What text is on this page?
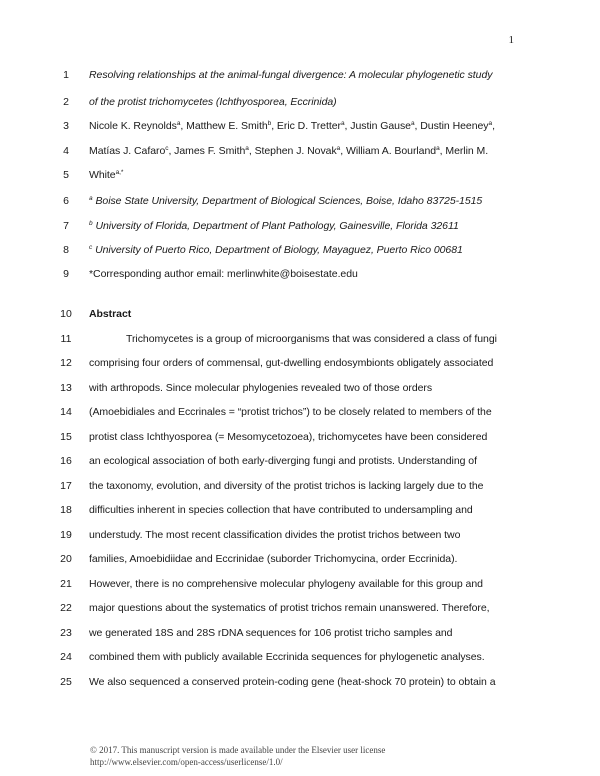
1
1
2
3
4
5
6
7
8
9
10
11
12
13
14
15
16
17
18
19
20
21
22
23
24
25
Resolving relationships at the animal-fungal divergence: A molecular phylogenetic study
of the protist trichomycetes (Ichthyosporea, Eccrinida)
Nicole K. Reynolds$^a$, Matthew E. Smith$^b$, Eric D. Tretter$^a$, Justin Gause$^a$, Dustin Heeney$^a$,
Matías J. Cafaro$^c$, James F. Smith$^a$, Stephen J. Novak$^a$, William A. Bourland$^a$, Merlin M.
White$^{a,*}$
$^a$ Boise State University, Department of Biological Sciences, Boise, Idaho 83725-1515
$^b$ University of Florida, Department of Plant Pathology, Gainesville, Florida 32611
$^c$ University of Puerto Rico, Department of Biology, Mayaguez, Puerto Rico 00681
*Corresponding author email: merlinwhite@boisestate.edu
Abstract
Trichomycetes is a group of microorganisms that was considered a class of fungi
comprising four orders of commensal, gut-dwelling endosymbionts obligately associated
with arthropods. Since molecular phylogenies revealed two of those orders
(Amoebidiales and Eccrinales = “protist trichos”) to be closely related to members of the
protist class Ichthyosporea (= Mesomycetozoea), trichomycetes have been considered
an ecological association of both early-diverging fungi and protists. Understanding of
the taxonomy, evolution, and diversity of the protist trichos is lacking largely due to the
difficulties inherent in species collection that have contributed to undersampling and
understudy. The most recent classification divides the protist trichos between two
families, Amoebidiidae and Eccrinidae (suborder Trichomycina, order Eccrinida).
However, there is no comprehensive molecular phylogeny available for this group and
major questions about the systematics of protist trichos remain unanswered. Therefore,
we generated 18S and 28S rDNA sequences for 106 protist tricho samples and
combined them with publicly available Eccrinida sequences for phylogenetic analyses.
We also sequenced a conserved protein-coding gene (heat-shock 70 protein) to obtain a
© 2017. This manuscript version is made available under the Elsevier user license
http://www.elsevier.com/open-access/userlicense/1.0/
